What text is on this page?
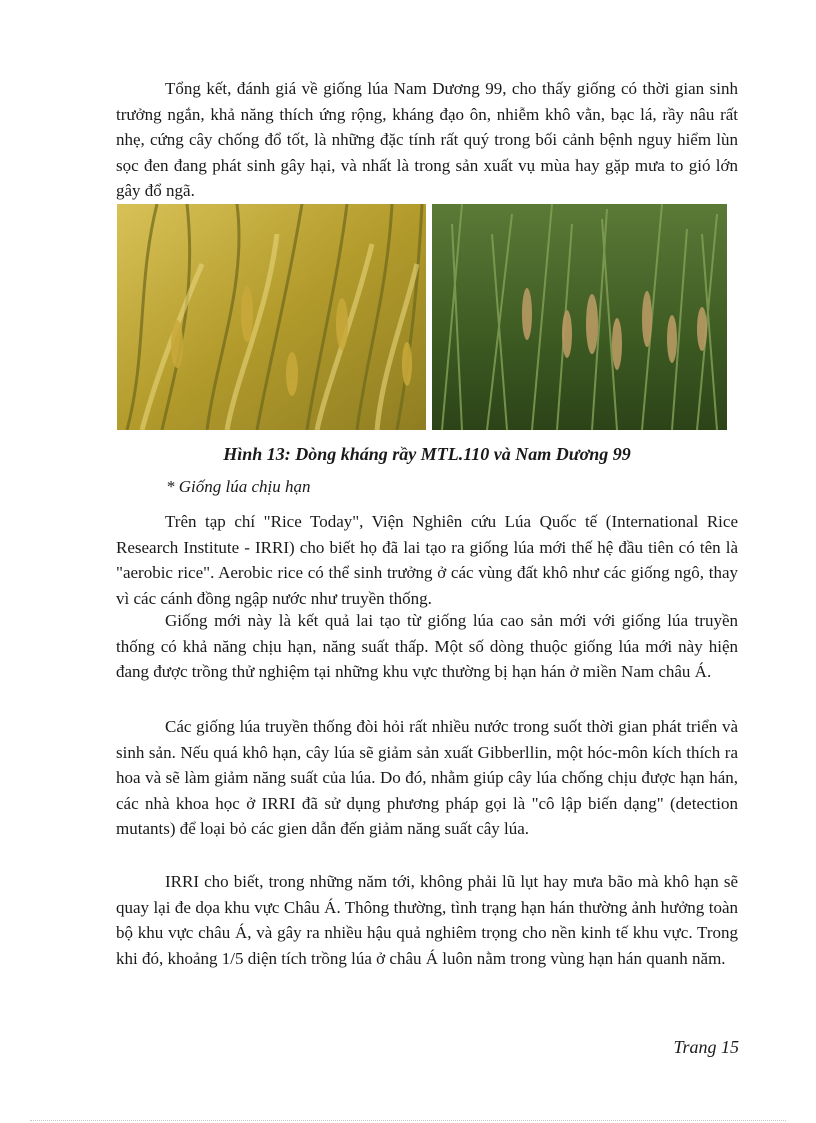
Tổng kết, đánh giá về giống lúa Nam Dương 99, cho thấy giống có thời gian sinh trưởng ngắn, khả năng thích ứng rộng, kháng đạo ôn, nhiễm khô vằn, bạc lá, rầy nâu rất nhẹ, cứng cây chống đổ tốt, là những đặc tính rất quý trong bối cảnh bệnh nguy hiểm lùn sọc đen đang phát sinh gây hại, và nhất là trong sản xuất vụ mùa hay gặp mưa to gió lớn gây đổ ngã.

Hình 13: Dòng kháng rầy MTL.110 và Nam Dương 99

* Giống lúa chịu hạn

Trên tạp chí "Rice Today", Viện Nghiên cứu Lúa Quốc tế (International Rice Research Institute - IRRI) cho biết họ đã lai tạo ra giống lúa mới thế hệ đầu tiên có tên là "aerobic rice". Aerobic rice có thể sinh trưởng ở các vùng đất khô như các giống ngô, thay vì các cánh đồng ngập nước như truyền thống.

Giống mới này là kết quả lai tạo từ giống lúa cao sản mới với giống lúa truyền thống có khả năng chịu hạn, năng suất thấp. Một số dòng thuộc giống lúa mới này hiện đang được trồng thử nghiệm tại những khu vực thường bị hạn hán ở miền Nam châu Á.

Các giống lúa truyền thống đòi hỏi rất nhiều nước trong suốt thời gian phát triển và sinh sản. Nếu quá khô hạn, cây lúa sẽ giảm sản xuất Gibberllin, một hóc-môn kích thích ra hoa và sẽ làm giảm năng suất của lúa. Do đó, nhằm giúp cây lúa chống chịu được hạn hán, các nhà khoa học ở IRRI đã sử dụng phương pháp gọi là "cô lập biến dạng" (detection mutants) để loại bỏ các gien dẫn đến giảm năng suất cây lúa.

IRRI cho biết, trong những năm tới, không phải lũ lụt hay mưa bão mà khô hạn sẽ quay lại đe dọa khu vực Châu Á. Thông thường, tình trạng hạn hán thường ảnh hưởng toàn bộ khu vực châu Á, và gây ra nhiều hậu quả nghiêm trọng cho nền kinh tế khu vực. Trong khi đó, khoảng 1/5 diện tích trồng lúa ở châu Á luôn nằm trong vùng hạn hán quanh năm.

Trang 15
